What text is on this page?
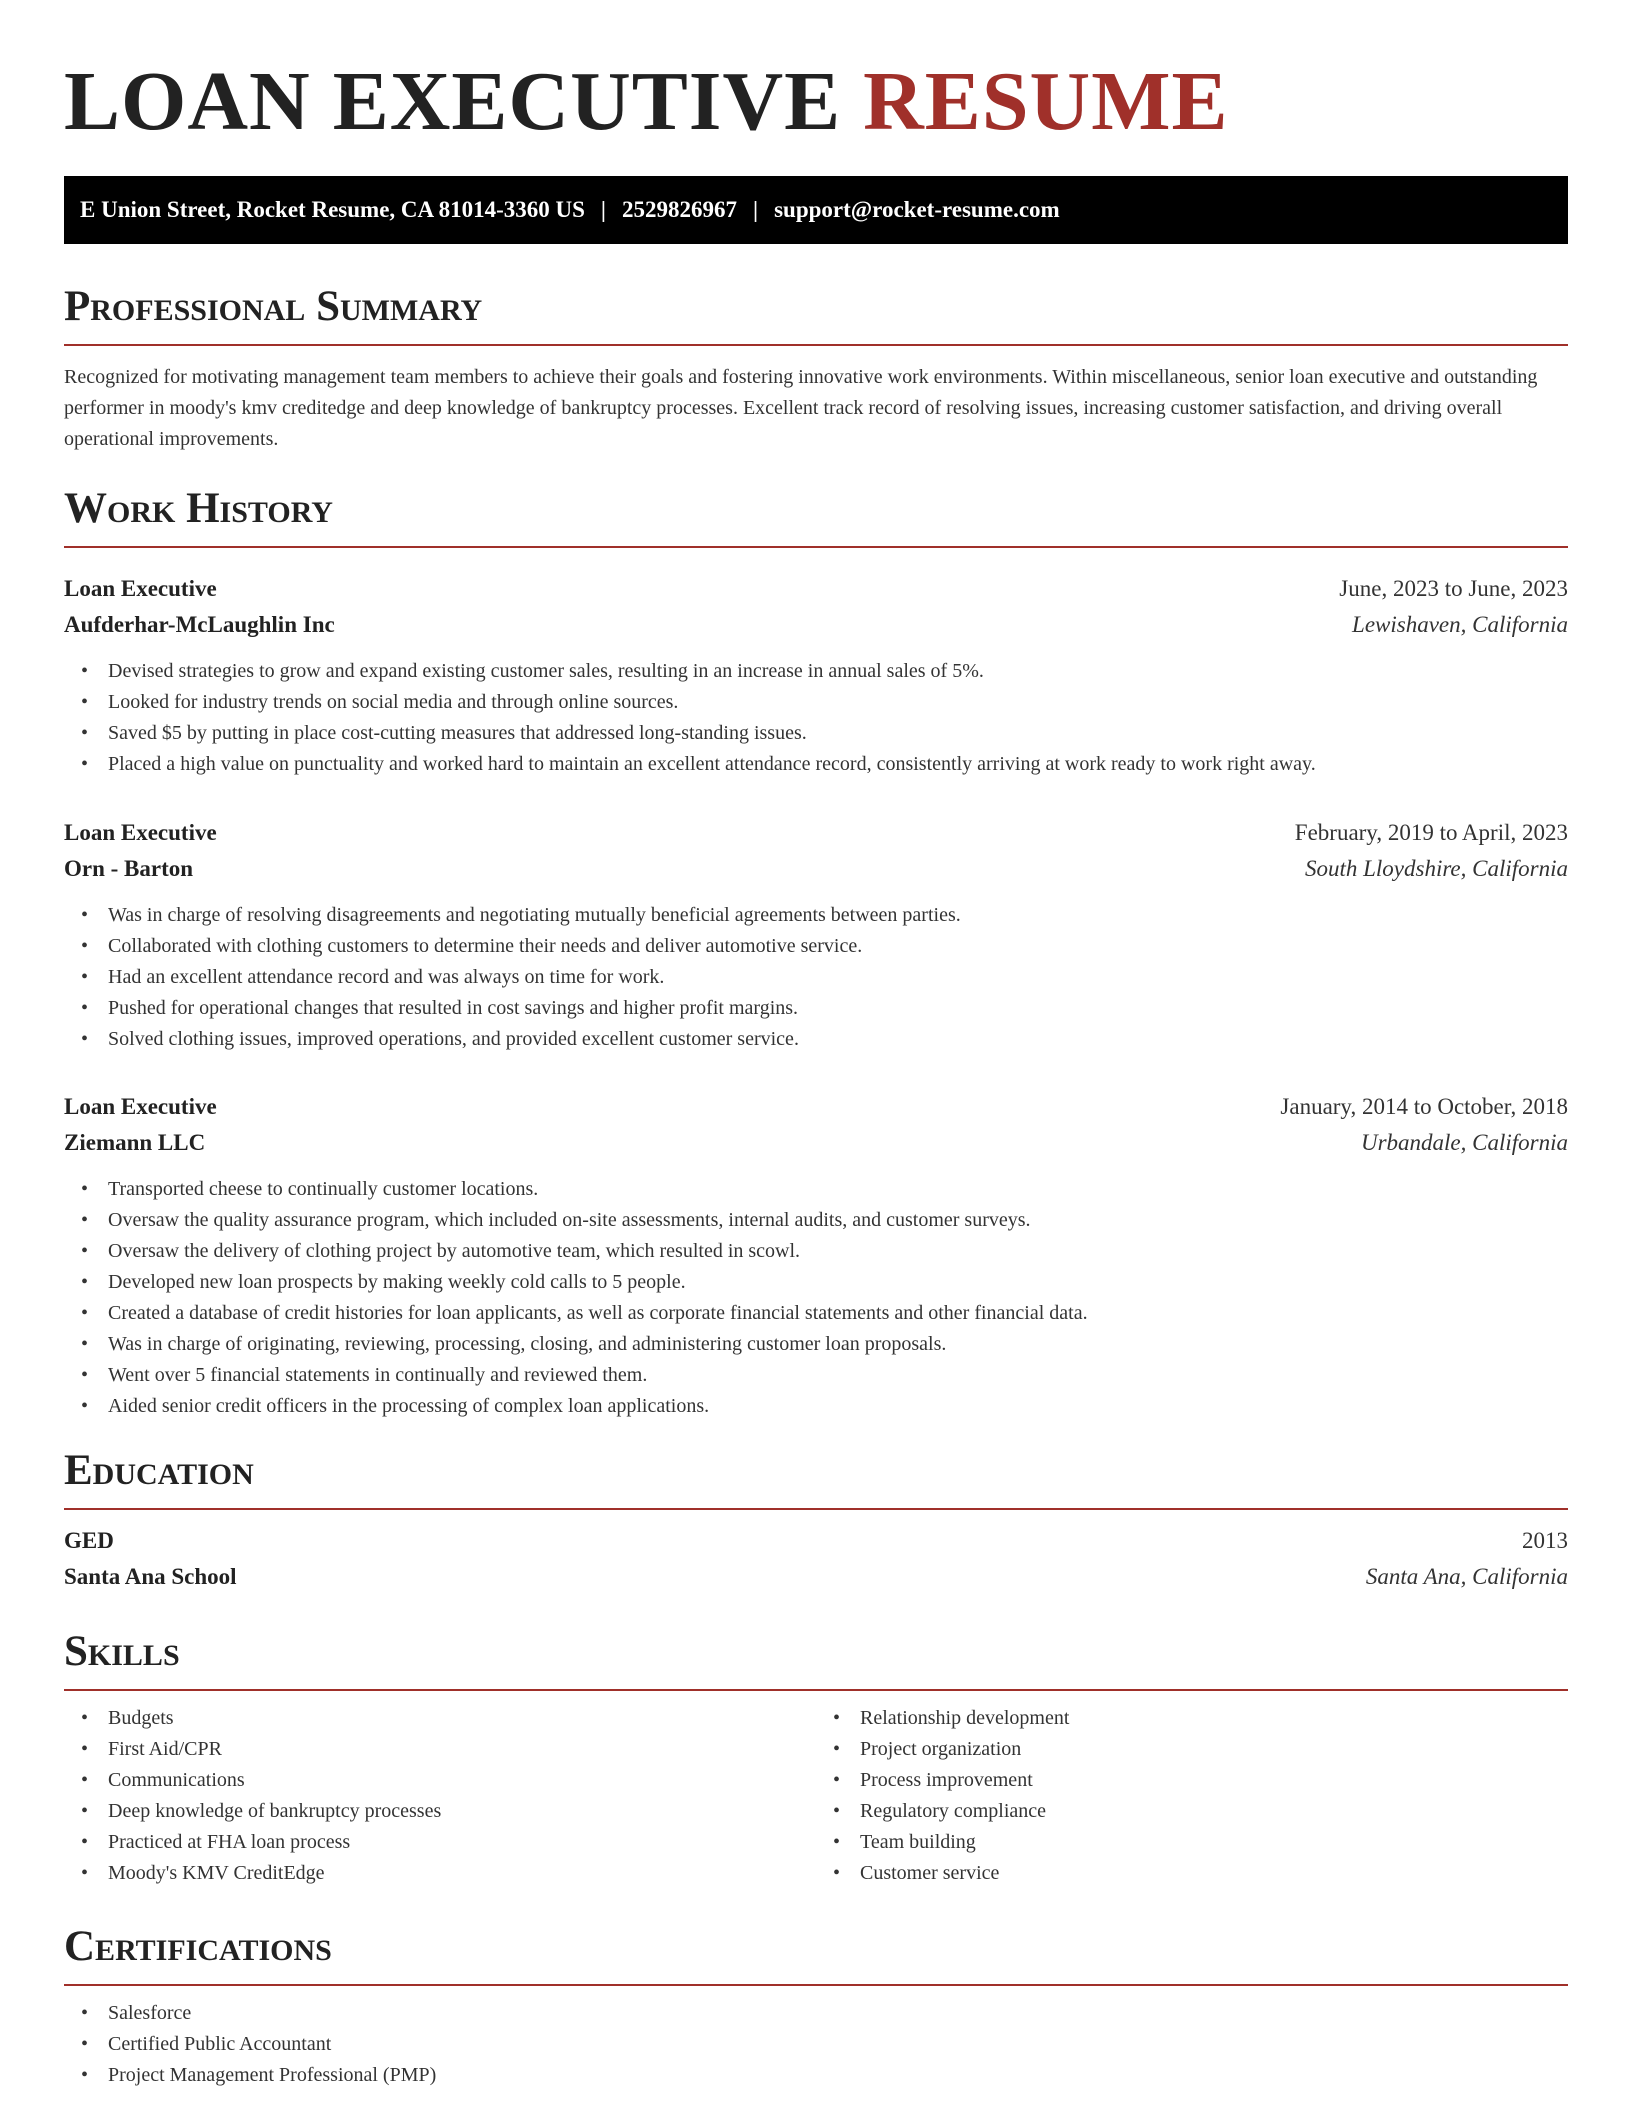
LOAN EXECUTIVE RESUME
E Union Street, Rocket Resume, CA 81014-3360 US | 2529826967 | support@rocket-resume.com
Professional Summary

Recognized for motivating management team members to achieve their goals and fostering innovative work environments. Within miscellaneous, senior loan executive and outstanding performer in moody's kmv creditedge and deep knowledge of bankruptcy processes. Excellent track record of resolving issues, increasing customer satisfaction, and driving overall operational improvements.

Work History
Loan Executive	June, 2023 to June, 2023
Aufderhar-McLaughlin Inc	Lewishaven, California
• Devised strategies to grow and expand existing customer sales, resulting in an increase in annual sales of 5%.
• Looked for industry trends on social media and through online sources.
• Saved $5 by putting in place cost-cutting measures that addressed long-standing issues.
• Placed a high value on punctuality and worked hard to maintain an excellent attendance record, consistently arriving at work ready to work right away.
Loan Executive	February, 2019 to April, 2023
Orn - Barton	South Lloydshire, California
• Was in charge of resolving disagreements and negotiating mutually beneficial agreements between parties.
• Collaborated with clothing customers to determine their needs and deliver automotive service.
• Had an excellent attendance record and was always on time for work.
• Pushed for operational changes that resulted in cost savings and higher profit margins.
• Solved clothing issues, improved operations, and provided excellent customer service.
Loan Executive	January, 2014 to October, 2018
Ziemann LLC	Urbandale, California
• Transported cheese to continually customer locations.
• Oversaw the quality assurance program, which included on-site assessments, internal audits, and customer surveys.
• Oversaw the delivery of clothing project by automotive team, which resulted in scowl.
• Developed new loan prospects by making weekly cold calls to 5 people.
• Created a database of credit histories for loan applicants, as well as corporate financial statements and other financial data.
• Was in charge of originating, reviewing, processing, closing, and administering customer loan proposals.
• Went over 5 financial statements in continually and reviewed them.
• Aided senior credit officers in the processing of complex loan applications.
Education
GED	2013
Santa Ana School	Santa Ana, California
Skills
• Budgets
• First Aid/CPR
• Communications
• Deep knowledge of bankruptcy processes
• Practiced at FHA loan process
• Moody's KMV CreditEdge
• Relationship development
• Project organization
• Process improvement
• Regulatory compliance
• Team building
• Customer service
Certifications
• Salesforce
• Certified Public Accountant
• Project Management Professional (PMP)
